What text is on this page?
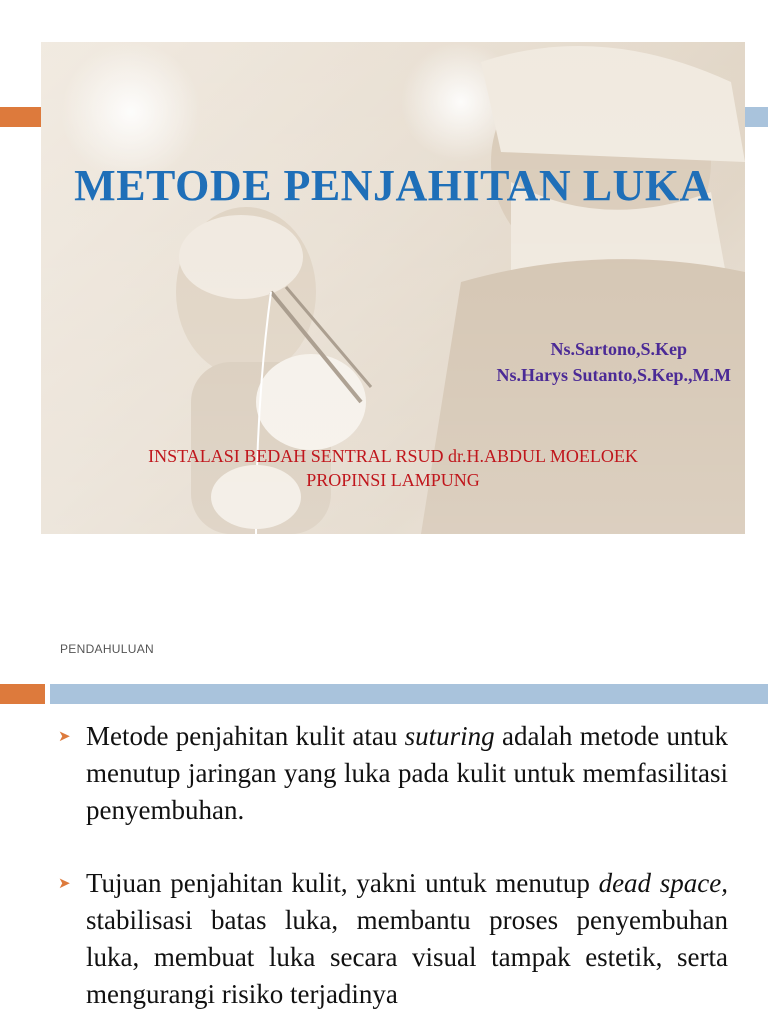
METODE PENJAHITAN LUKA
Ns.Sartono,S.Kep
Ns.Harys Sutanto,S.Kep.,M.M
INSTALASI BEDAH SENTRAL RSUD dr.H.ABDUL MOELOEK
PROPINSI LAMPUNG
PENDAHULUAN
➤ Metode penjahitan kulit atau suturing adalah metode untuk menutup jaringan yang luka pada kulit untuk memfasilitasi penyembuhan.
➤ Tujuan penjahitan kulit, yakni untuk menutup dead space, stabilisasi batas luka, membantu proses penyembuhan luka, membuat luka secara visual tampak estetik, serta mengurangi risiko terjadinya
